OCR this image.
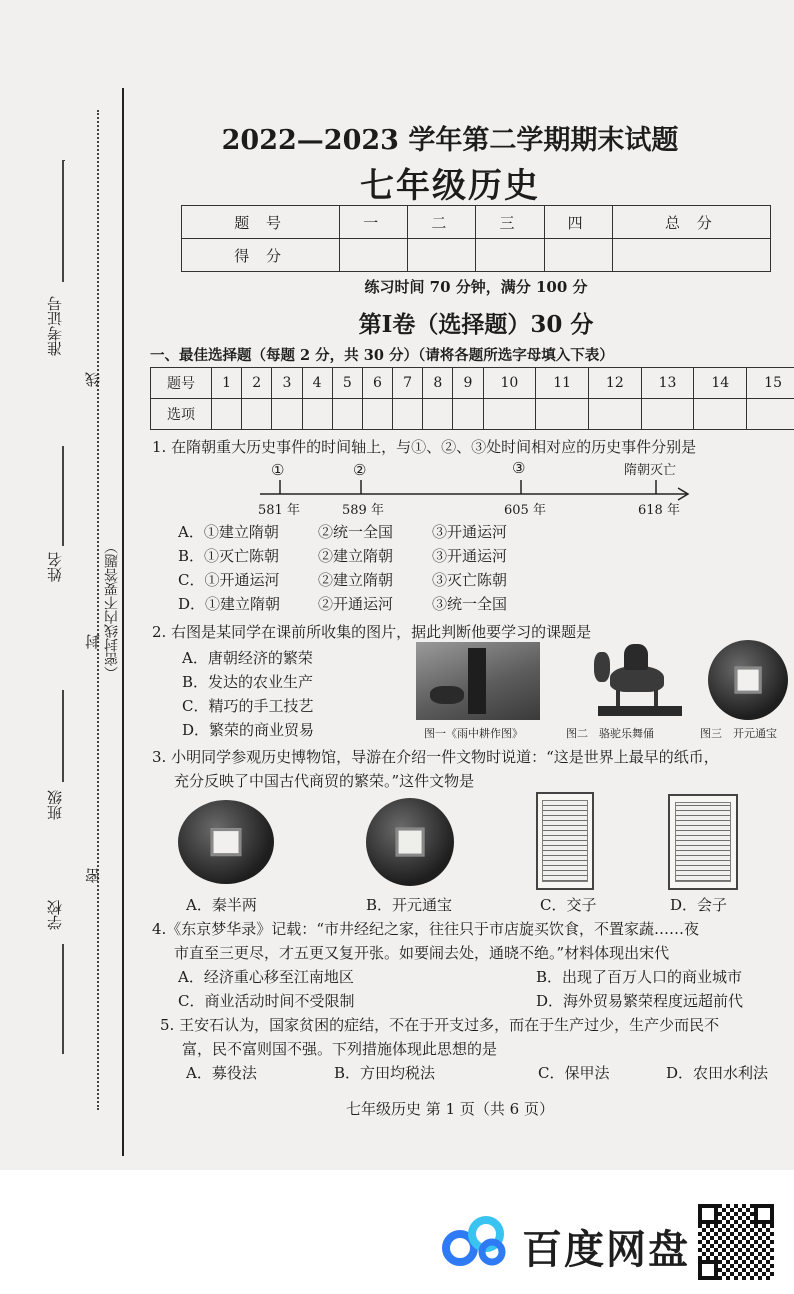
准考证号
姓名
班级
学校
线
封
密
（密封线内不要答题）
2022—2023 学年第二学期期末试题
七年级历史
题 号	一	二	三	四	总 分
得 分					
练习时间 70 分钟，满分 100 分
第Ⅰ卷（选择题）30 分
一、最佳选择题（每题 2 分，共 30 分）（请将各题所选字母填入下表）
题号	1	2	3	4	5	6	7	8	9	10	11	12	13	14	15
选项															
1. 在隋朝重大历史事件的时间轴上，与①、②、③处时间相对应的历史事件分别是
①	②	③	隋朝灭亡
581 年	589 年	605 年	618 年
A．①建立隋朝	②统一全国	③开通运河
B．①灭亡陈朝	②建立隋朝	③开通运河
C．①开通运河	②建立隋朝	③灭亡陈朝
D．①建立隋朝	②开通运河	③统一全国
2. 右图是某同学在课前所收集的图片，据此判断他要学习的课题是
A．唐朝经济的繁荣
B．发达的农业生产
C．精巧的手工技艺
D．繁荣的商业贸易	图一《雨中耕作图》	图二　骆驼乐舞俑	图三　开元通宝
3. 小明同学参观历史博物馆，导游在介绍一件文物时说道：“这是世界上最早的纸币，
充分反映了中国古代商贸的繁荣。”这件文物是
A．秦半两	B．开元通宝	C．交子	D．会子
4.《东京梦华录》记载：“市井经纪之家，往往只于市店旋买饮食，不置家蔬……夜
市直至三更尽，才五更又复开张。如要闹去处，通晓不绝。”材料体现出宋代
A．经济重心移至江南地区	B．出现了百万人口的商业城市
C．商业活动时间不受限制	D．海外贸易繁荣程度远超前代
5. 王安石认为，国家贫困的症结，不在于开支过多，而在于生产过少，生产少而民不
富，民不富则国不强。下列措施体现此思想的是
A．募役法	B．方田均税法	C．保甲法	D．农田水利法
七年级历史 第 1 页（共 6 页）
百度网盘
